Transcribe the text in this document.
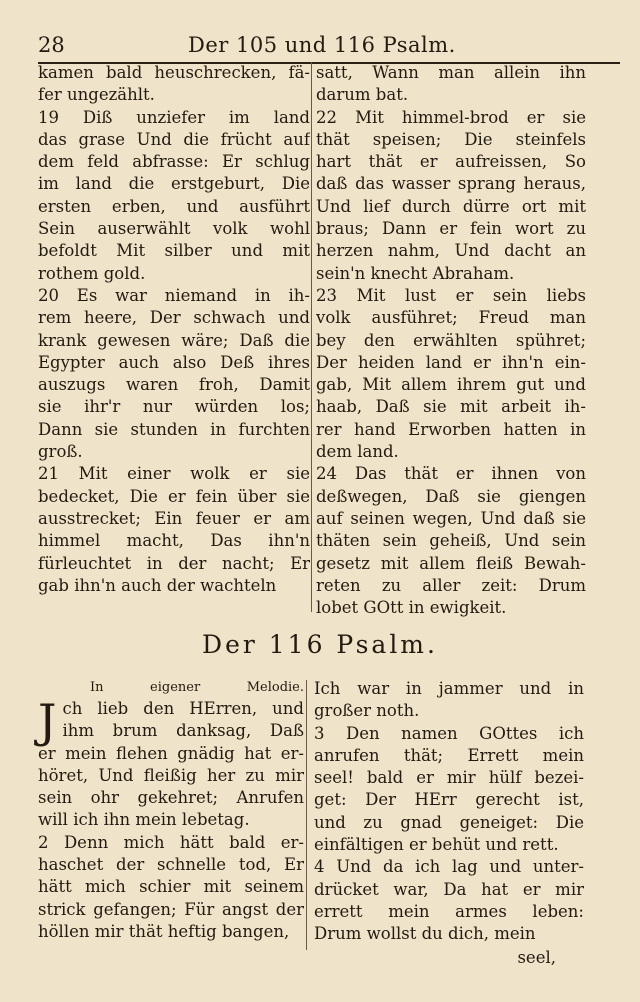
28	Der 105 und 116 Psalm.
kamen bald heuschrecken, fä-
fer ungezählt.
19 Diß unziefer im land
das grase Und die frücht auf
dem feld abfrasse: Er schlug
im land die erstgeburt, Die
ersten erben, und ausführt
Sein auserwählt volk wohl
befoldt Mit silber und mit
rothem gold.
20 Es war niemand in ih-
rem heere, Der schwach und
krank gewesen wäre; Daß die
Egypter auch also Deß ihres
auszugs waren froh, Damit
sie ihr'r nur würden los;
Dann sie stunden in furchten
groß.
21 Mit einer wolk er sie
bedecket, Die er fein über sie
ausstrecket; Ein feuer er am
himmel macht, Das ihn'n
fürleuchtet in der nacht; Er
gab ihn'n auch der wachteln
satt, Wann man allein ihn
darum bat.
22 Mit himmel-brod er sie
thät speisen; Die steinfels
hart thät er aufreissen, So
daß das wasser sprang heraus,
Und lief durch dürre ort mit
braus; Dann er fein wort zu
herzen nahm, Und dacht an
sein'n knecht Abraham.
23 Mit lust er sein liebs
volk ausführet; Freud man
bey den erwählten spühret;
Der heiden land er ihn'n ein-
gab, Mit allem ihrem gut und
haab, Daß sie mit arbeit ih-
rer hand Erworben hatten in
dem land.
24 Das thät er ihnen von
deßwegen, Daß sie giengen
auf seinen wegen, Und daß sie
thäten sein geheiß, Und sein
gesetz mit allem fleiß Bewah-
reten zu aller zeit: Drum
lobet GOtt in ewigkeit.
Der 116 Psalm.
In eigener Melodie.
J ch lieb den HErren, und
ihm brum danksag, Daß
er mein flehen gnädig hat er-
höret, Und fleißig her zu mir
sein ohr gekehret; Anrufen
will ich ihn mein lebetag.
2 Denn mich hätt bald er-
haschet der schnelle tod, Er
hätt mich schier mit seinem
strick gefangen; Für angst der
höllen mir thät heftig bangen,
Ich war in jammer und in
großer noth.
3 Den namen GOttes ich
anrufen thät; Errett mein
seel! bald er mir hülf bezei-
get: Der HErr gerecht ist,
und zu gnad geneiget: Die
einfältigen er behüt und rett.
4 Und da ich lag und unter-
drücket war, Da hat er mir
errett mein armes leben:
Drum wollst du dich, mein
seel,
